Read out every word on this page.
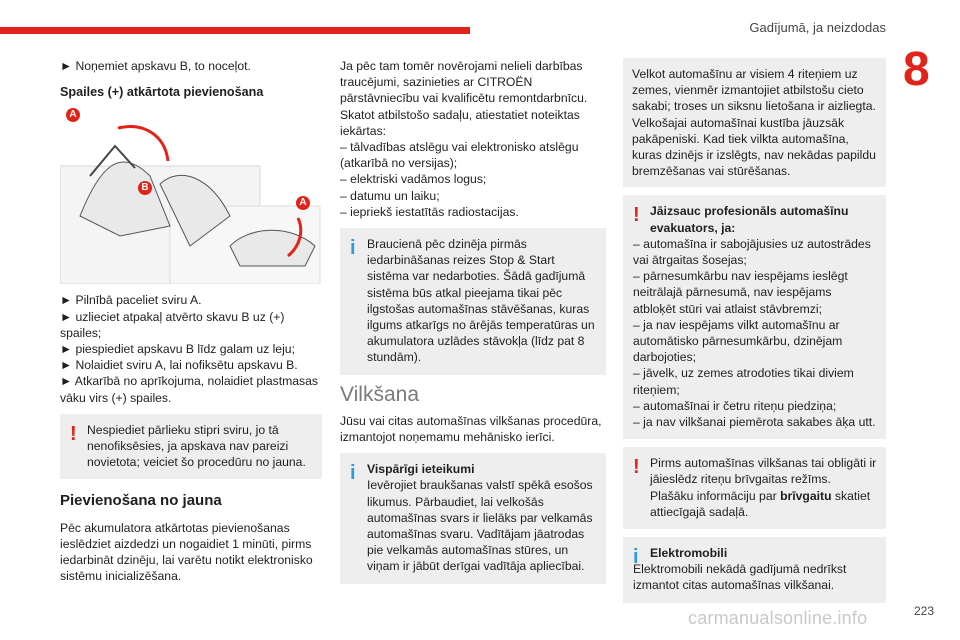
Gadījumā, ja neizdodas
8

► Noņemiet apskavu B, to noceļot.

Spailes (+) atkārtota pievienošana
A
B
A

► Pilnībā paceliet sviru A.

► uzlieciet atpakaļ atvērto skavu B uz (+) spailes;

► piespiediet apskavu B līdz galam uz leju;

► Nolaidiet sviru A, lai nofiksētu apskavu B.

► Atkarībā no aprīkojuma, nolaidiet plastmasas vāku virs (+) spailes.

! Nespiediet pārlieku stipri sviru, jo tā nenofiksēsies, ja apskava nav pareizi novietota; veiciet šo procedūru no jauna.

Pievienošana no jauna

Pēc akumulatora atkārtotas pievienošanas ieslēdziet aizdedzi un nogaidiet 1 minūti, pirms iedarbināt dzinēju, lai varētu notikt elektronisko sistēmu inicializēšana.

Ja pēc tam tomēr novērojami nelieli darbības traucējumi, sazinieties ar CITROËN pārstāvniecību vai kvalificētu remontdarbnīcu. Skatot atbilstošo sadaļu, atiestatiet noteiktas iekārtas:

– tālvadības atslēgu vai elektronisko atslēgu (atkarībā no versijas);

– elektriski vadāmos logus;

– datumu un laiku;

– iepriekš iestatītās radiostacijas.

i Braucienā pēc dzinēja pirmās iedarbināšanas reizes Stop & Start sistēma var nedarboties. Šādā gadījumā sistēma būs atkal pieejama tikai pēc ilgstošas automašīnas stāvēšanas, kuras ilgums atkarīgs no ārējās temperatūras un akumulatora uzlādes stāvokļa (līdz pat 8 stundām).

Vilkšana

Jūsu vai citas automašīnas vilkšanas procedūra, izmantojot noņemamu mehānisko ierīci.

i Vispārīgi ieteikumi

Ievērojiet braukšanas valstī spēkā esošos likumus. Pārbaudiet, lai velkošās automašīnas svars ir lielāks par velkamās automašīnas svaru. Vadītājam jāatrodas pie velkamās automašīnas stūres, un viņam ir jābūt derīgai vadītāja apliecībai.

Velkot automašīnu ar visiem 4 riteņiem uz zemes, vienmēr izmantojiet atbilstošu cieto sakabi; troses un siksnu lietošana ir aizliegta. Velkošajai automašīnai kustība jāuzsāk pakāpeniski. Kad tiek vilkta automašīna, kuras dzinējs ir izslēgts, nav nekādas papildu bremzēšanas vai stūrēšanas.

! Jāizsauc profesionāls automašīnu evakuators, ja:

– automašīna ir sabojājusies uz autostrādes vai ātrgaitas šosejas;

– pārnesumkārbu nav iespējams ieslēgt neitrālajā pārnesumā, nav iespējams atbloķēt stūri vai atlaist stāvbremzi;

– ja nav iespējams vilkt automašīnu ar automātisko pārnesumkārbu, dzinējam darbojoties;

– jāvelk, uz zemes atrodoties tikai diviem riteņiem;

– automašīnai ir četru riteņu piedziņa;

– ja nav vilkšanai piemērota sakabes āķa utt.

! Pirms automašīnas vilkšanas tai obligāti ir jāieslēdz riteņu brīvgaitas režīms. Plašāku informāciju par brīvgaitu skatiet attiecīgajā sadaļā.

i Elektromobili

Elektromobili nekādā gadījumā nedrīkst izmantot citas automašīnas vilkšanai.

carmanualsonline.info	223
